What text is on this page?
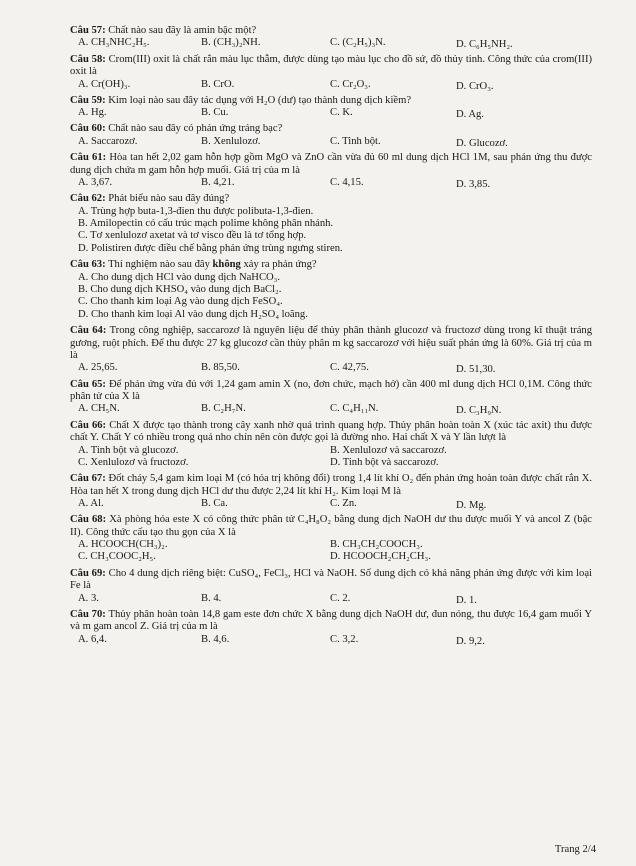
Câu 57: Chất nào sau đây là amin bậc một?
A. CH₃NHC₂H₅.	B. (CH₃)₂NH.	C. (C₂H₅)₃N.	D. C₆H₅NH₂.
Câu 58: Crom(III) oxit là chất rắn màu lục thẫm, được dùng tạo màu lục cho đồ sứ, đồ thủy tinh. Công thức của crom(III) oxit là
A. Cr(OH)₃.	B. CrO.	C. Cr₂O₃.	D. CrO₃.
Câu 59: Kim loại nào sau đây tác dụng với H₂O (dư) tạo thành dung dịch kiềm?
A. Hg.	B. Cu.	C. K.	D. Ag.
Câu 60: Chất nào sau đây có phản ứng tráng bạc?
A. Saccarozơ.	B. Xenlulozơ.	C. Tinh bột.	D. Glucozơ.
Câu 61: Hòa tan hết 2,02 gam hỗn hợp gồm MgO và ZnO cần vừa đủ 60 ml dung dịch HCl 1M, sau phản ứng thu được dung dịch chứa m gam hỗn hợp muối. Giá trị của m là
A. 3,67.	B. 4,21.	C. 4,15.	D. 3,85.
Câu 62: Phát biểu nào sau đây đúng?
A. Trùng hợp buta-1,3-đien thu được polibuta-1,3-đien.
B. Amilopectin có cấu trúc mạch polime không phân nhánh.
C. Tơ xenlulozơ axetat và tơ visco đều là tơ tổng hợp.
D. Polistiren được điều chế bằng phản ứng trùng ngưng stiren.
Câu 63: Thí nghiệm nào sau đây không xảy ra phản ứng?
A. Cho dung dịch HCl vào dung dịch NaHCO₃.
B. Cho dung dịch KHSO₄ vào dung dịch BaCl₂.
C. Cho thanh kim loại Ag vào dung dịch FeSO₄.
D. Cho thanh kim loại Al vào dung dịch H₂SO₄ loãng.
Câu 64: Trong công nghiệp, saccarozơ là nguyên liệu để thủy phân thành glucozơ và fructozơ dùng trong kĩ thuật tráng gương, ruột phích. Để thu được 27 kg glucozơ cần thủy phân m kg saccarozơ với hiệu suất phản ứng là 60%. Giá trị của m là
A. 25,65.	B. 85,50.	C. 42,75.	D. 51,30.
Câu 65: Để phản ứng vừa đủ với 1,24 gam amin X (no, đơn chức, mạch hở) cần 400 ml dung dịch HCl 0,1M. Công thức phân tử của X là
A. CH₅N.	B. C₂H₇N.	C. C₄H₁₁N.	D. C₃H₉N.
Câu 66: Chất X được tạo thành trong cây xanh nhờ quá trình quang hợp. Thủy phân hoàn toàn X (xúc tác axit) thu được chất Y. Chất Y có nhiều trong quả nho chín nên còn được gọi là đường nho. Hai chất X và Y lần lượt là
A. Tinh bột và glucozơ.	B. Xenlulozơ và saccarozơ.
C. Xenlulozơ và fructozơ.	D. Tinh bột và saccarozơ.
Câu 67: Đốt cháy 5,4 gam kim loại M (có hóa trị không đổi) trong 1,4 lít khí O₂ đến phản ứng hoàn toàn được chất rắn X. Hòa tan hết X trong dung dịch HCl dư thu được 2,24 lít khí H₂. Kim loại M là
A. Al.	B. Ca.	C. Zn.	D. Mg.
Câu 68: Xà phòng hóa este X có công thức phân tử C₄H₈O₂ bằng dung dịch NaOH dư thu được muối Y và ancol Z (bậc II). Công thức cấu tạo thu gọn của X là
A. HCOOCH(CH₃)₂.	B. CH₃CH₂COOCH₃.
C. CH₃COOC₂H₅.	D. HCOOCH₂CH₂CH₃.
Câu 69: Cho 4 dung dịch riêng biệt: CuSO₄, FeCl₃, HCl và NaOH. Số dung dịch có khả năng phản ứng được với kim loại Fe là
A. 3.	B. 4.	C. 2.	D. 1.
Câu 70: Thủy phân hoàn toàn 14,8 gam este đơn chức X bằng dung dịch NaOH dư, đun nóng, thu được 16,4 gam muối Y và m gam ancol Z. Giá trị của m là
A. 6,4.	B. 4,6.	C. 3,2.	D. 9,2.
Trang 2/4
